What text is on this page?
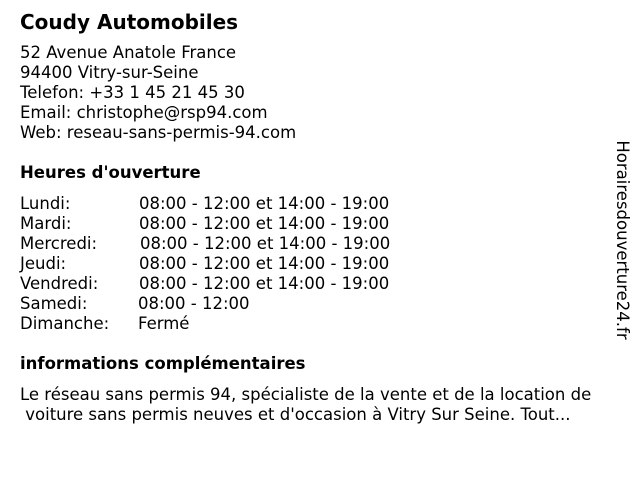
Coudy Automobiles
52 Avenue Anatole France
94400 Vitry-sur-Seine
Telefon: +33 1 45 21 45 30
Email: christophe@rsp94.com
Web: reseau-sans-permis-94.com
Heures d'ouverture
Lundi:	08:00 - 12:00 et 14:00 - 19:00
Mardi:	08:00 - 12:00 et 14:00 - 19:00
Mercredi:	08:00 - 12:00 et 14:00 - 19:00
Jeudi:	08:00 - 12:00 et 14:00 - 19:00
Vendredi: 08:00 - 12:00 et 14:00 - 19:00
Samedi:	08:00 - 12:00
Dimanche: Fermé
informations complémentaires
Le réseau sans permis 94, spécialiste de la vente et de la location de
voiture sans permis neuves et d'occasion à Vitry Sur Seine. Tout...
Horairesdouverture24.fr
